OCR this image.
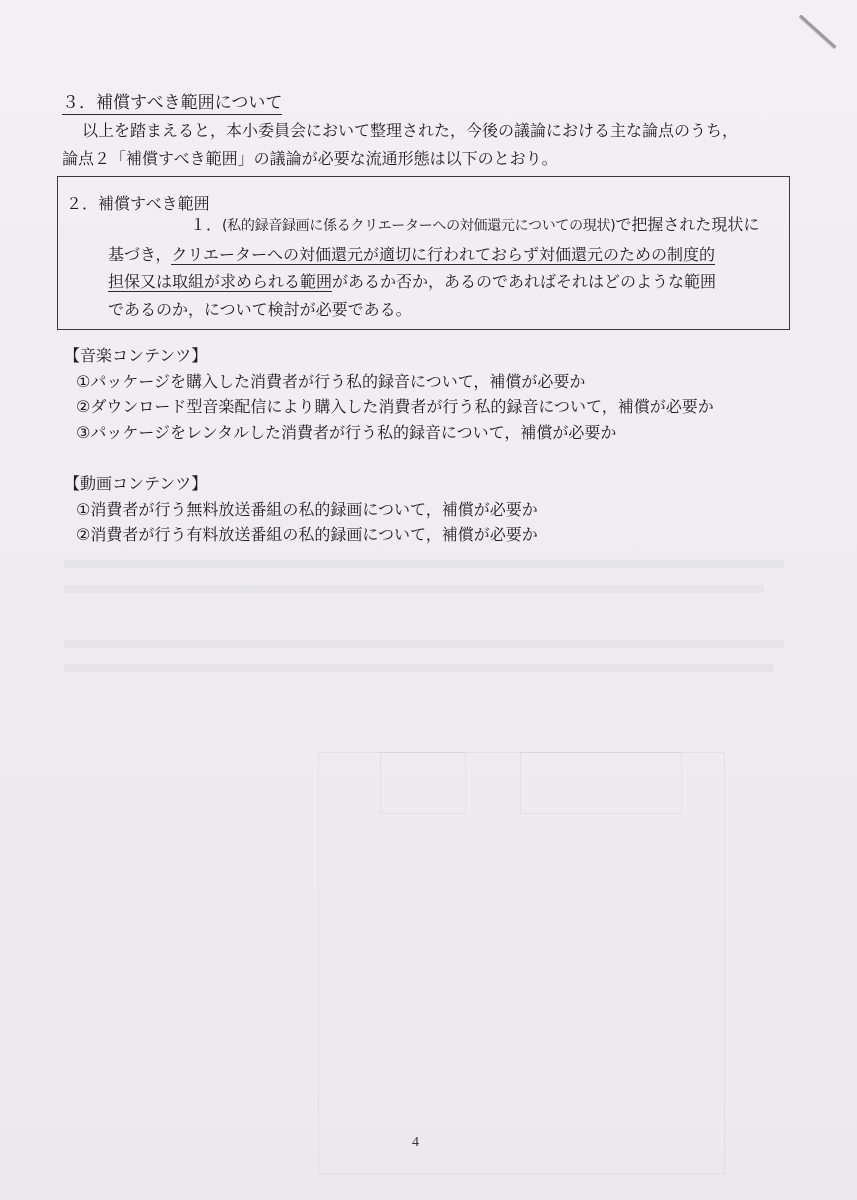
３．補償すべき範囲について
以上を踏まえると，本小委員会において整理された，今後の議論における主な論点のうち，
論点２「補償すべき範囲」の議論が必要な流通形態は以下のとおり。
２．補償すべき範囲
１．(私的録音録画に係るクリエーターへの対価還元についての現状)で把握された現状に
基づき，クリエーターへの対価還元が適切に行われておらず対価還元のための制度的
担保又は取組が求められる範囲があるか否か，あるのであればそれはどのような範囲
であるのか，について検討が必要である。
【音楽コンテンツ】
①パッケージを購入した消費者が行う私的録音について，補償が必要か
②ダウンロード型音楽配信により購入した消費者が行う私的録音について，補償が必要か
③パッケージをレンタルした消費者が行う私的録音について，補償が必要か
【動画コンテンツ】
①消費者が行う無料放送番組の私的録画について，補償が必要か
②消費者が行う有料放送番組の私的録画について，補償が必要か
4
